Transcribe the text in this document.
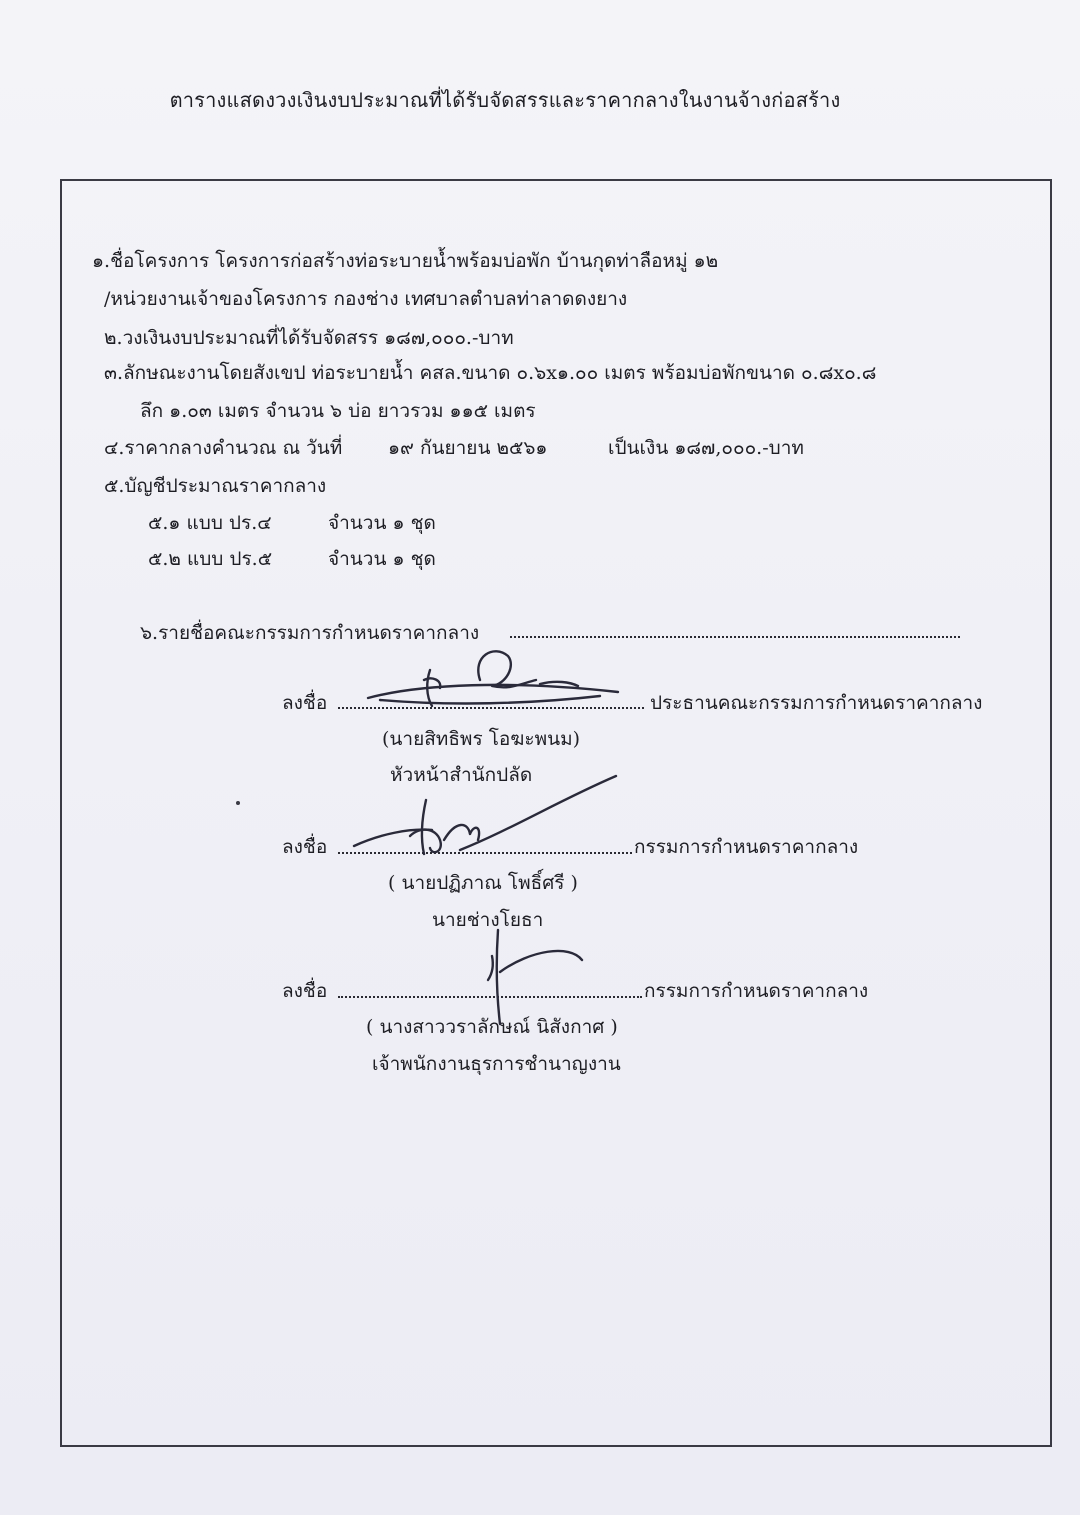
ตารางแสดงวงเงินงบประมาณที่ได้รับจัดสรรและราคากลางในงานจ้างก่อสร้าง
๑.ชื่อโครงการ โครงการก่อสร้างท่อระบายน้ำพร้อมบ่อพัก บ้านกุดท่าลือหมู่ ๑๒
/หน่วยงานเจ้าของโครงการ กองช่าง เทศบาลตำบลท่าลาดดงยาง
๒.วงเงินงบประมาณที่ได้รับจัดสรร ๑๘๗,๐๐๐.-บาท
๓.ลักษณะงานโดยสังเขป ท่อระบายน้ำ คสล.ขนาด ๐.๖x๑.๐๐ เมตร พร้อมบ่อพักขนาด ๐.๘x๐.๘
ลึก ๑.๐๓ เมตร จำนวน ๖ บ่อ ยาวรวม ๑๑๕ เมตร
๔.ราคากลางคำนวณ ณ วันที่ ๑๙ กันยายน ๒๕๖๑	เป็นเงิน ๑๘๗,๐๐๐.-บาท
๕.บัญชีประมาณราคากลาง
๕.๑ แบบ ปร.๔	จำนวน ๑ ชุด
๕.๒ แบบ ปร.๕	จำนวน ๑ ชุด
๖.รายชื่อคณะกรรมการกำหนดราคากลาง
ลงชื่อ	ประธานคณะกรรมการกำหนดราคากลาง
(นายสิทธิพร โอฆะพนม)
หัวหน้าสำนักปลัด
ลงชื่อ	กรรมการกำหนดราคากลาง
( นายปฏิภาณ โพธิ์ศรี )
นายช่างโยธา
ลงชื่อ	กรรมการกำหนดราคากลาง
( นางสาววราลักษณ์ นิสังกาศ )
เจ้าพนักงานธุรการชำนาญงาน
